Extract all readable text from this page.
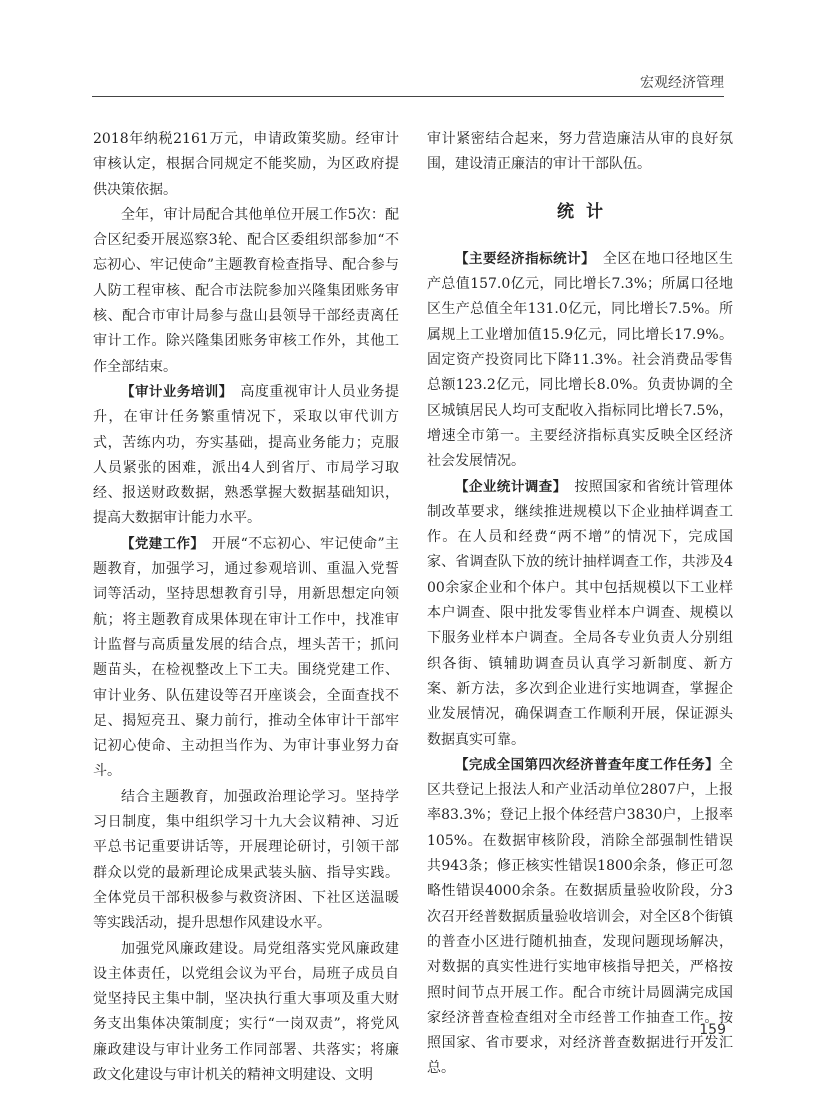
宏观经济管理

2018年纳税2161万元，申请政策奖励。经审计审核认定，根据合同规定不能奖励，为区政府提供决策依据。

全年，审计局配合其他单位开展工作5次：配合区纪委开展巡察3轮、配合区委组织部参加“不忘初心、牢记使命”主题教育检查指导、配合参与人防工程审核、配合市法院参加兴隆集团账务审核、配合市审计局参与盘山县领导干部经责离任审计工作。除兴隆集团账务审核工作外，其他工作全部结束。

【审计业务培训】　高度重视审计人员业务提升，在审计任务繁重情况下，采取以审代训方式，苦练内功，夯实基础，提高业务能力；克服人员紧张的困难，派出4人到省厅、市局学习取经、报送财政数据，熟悉掌握大数据基础知识，提高大数据审计能力水平。

【党建工作】　开展“不忘初心、牢记使命”主题教育，加强学习，通过参观培训、重温入党誓词等活动，坚持思想教育引导，用新思想定向领航；将主题教育成果体现在审计工作中，找准审计监督与高质量发展的结合点，埋头苦干；抓问题苗头，在检视整改上下工夫。围绕党建工作、审计业务、队伍建设等召开座谈会，全面查找不足、揭短亮丑、聚力前行，推动全体审计干部牢记初心使命、主动担当作为、为审计事业努力奋斗。

结合主题教育，加强政治理论学习。坚持学习日制度，集中组织学习十九大会议精神、习近平总书记重要讲话等，开展理论研讨，引领干部群众以党的最新理论成果武装头脑、指导实践。全体党员干部积极参与救资济困、下社区送温暖等实践活动，提升思想作风建设水平。

加强党风廉政建设。局党组落实党风廉政建设主体责任，以党组会议为平台，局班子成员自觉坚持民主集中制，坚决执行重大事项及重大财务支出集体决策制度；实行“一岗双责”，将党风廉政建设与审计业务工作同部署、共落实；将廉政文化建设与审计机关的精神文明建设、文明

审计紧密结合起来，努力营造廉洁从审的良好氛围，建设清正廉洁的审计干部队伍。

统计

【主要经济指标统计】　全区在地口径地区生产总值157.0亿元，同比增长7.3%；所属口径地区生产总值全年131.0亿元，同比增长7.5%。所属规上工业增加值15.9亿元，同比增长17.9%。固定资产投资同比下降11.3%。社会消费品零售总额123.2亿元，同比增长8.0%。负责协调的全区城镇居民人均可支配收入指标同比增长7.5%，增速全市第一。主要经济指标真实反映全区经济社会发展情况。

【企业统计调查】　按照国家和省统计管理体制改革要求，继续推进规模以下企业抽样调查工作。在人员和经费“两不增”的情况下，完成国家、省调查队下放的统计抽样调查工作，共涉及400余家企业和个体户。其中包括规模以下工业样本户调查、限中批发零售业样本户调查、规模以下服务业样本户调查。全局各专业负责人分别组织各街、镇辅助调查员认真学习新制度、新方案、新方法，多次到企业进行实地调查，掌握企业发展情况，确保调查工作顺利开展，保证源头数据真实可靠。

【完成全国第四次经济普查年度工作任务】全区共登记上报法人和产业活动单位2807户，上报率83.3%；登记上报个体经营户3830户，上报率105%。在数据审核阶段，消除全部强制性错误共943条；修正核实性错误1800余条，修正可忽略性错误4000余条。在数据质量验收阶段，分3次召开经普数据质量验收培训会，对全区8个街镇的普查小区进行随机抽查，发现问题现场解决，对数据的真实性进行实地审核指导把关，严格按照时间节点开展工作。配合市统计局圆满完成国家经济普查检查组对全市经普工作抽查工作。按照国家、省市要求，对经济普查数据进行开发汇总。

159
